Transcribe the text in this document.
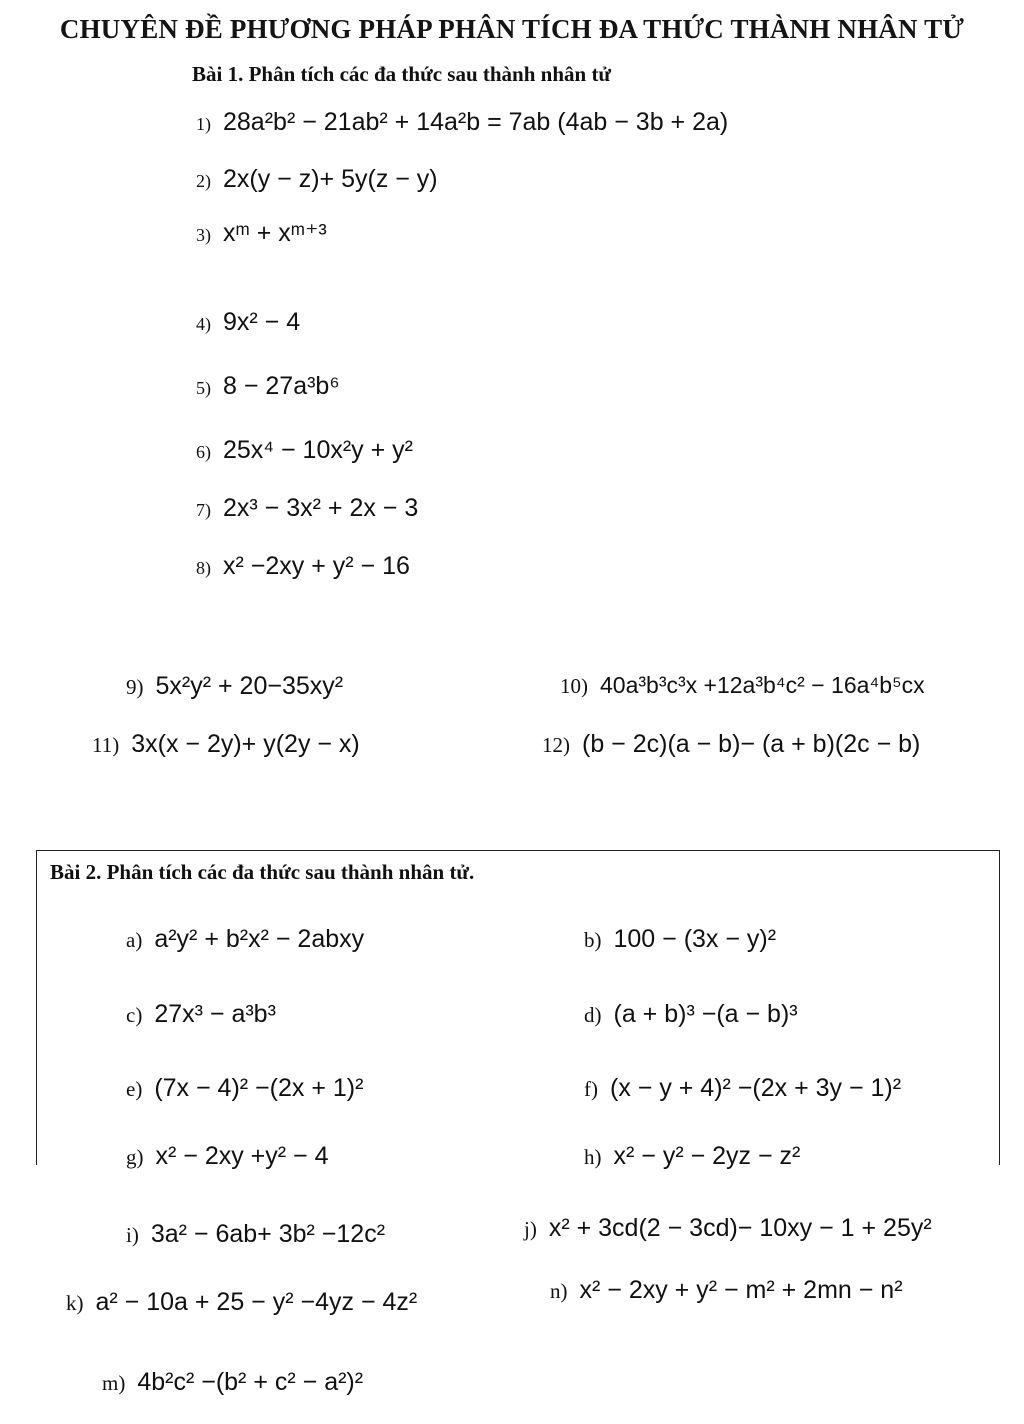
CHUYÊN ĐỀ PHƯƠNG PHÁP PHÂN TÍCH ĐA THỨC THÀNH NHÂN TỬ
Bài 1. Phân tích các đa thức sau thành nhân tử
1) 28a²b² − 21ab² + 14a²b = 7ab (4ab − 3b + 2a)
2) 2x(y − z)+ 5y(z − y)
3) xᵐ + xᵐ⁺³
4) 9x² − 4
5) 8 − 27a³b⁶
6) 25x⁴ − 10x²y + y²
7) 2x³ − 3x² + 2x − 3
8) x² −2xy + y² − 16
9) 5x²y² + 20−35xy²	10) 40a³b³c³x +12a³b⁴c² − 16a⁴b⁵cx
11) 3x(x − 2y)+ y(2y − x)	12) (b − 2c)(a − b)− (a + b)(2c − b)
Bài 2. Phân tích các đa thức sau thành nhân tử.
a) a²y² + b²x² − 2abxy	b) 100 − (3x − y)²
c) 27x³ − a³b³	d) (a + b)³ −(a − b)³
e) (7x − 4)² −(2x + 1)²	f) (x − y + 4)² −(2x + 3y − 1)²
g) x² − 2xy +y² − 4	h) x² − y² − 2yz − z²
i) 3a² − 6ab+ 3b² −12c²	j) x² + 3cd(2 − 3cd)− 10xy − 1 + 25y²
k) a² − 10a + 25 − y² −4yz − 4z²	n) x² − 2xy + y² − m² + 2mn − n²
m) 4b²c² −(b² + c² − a²)²
